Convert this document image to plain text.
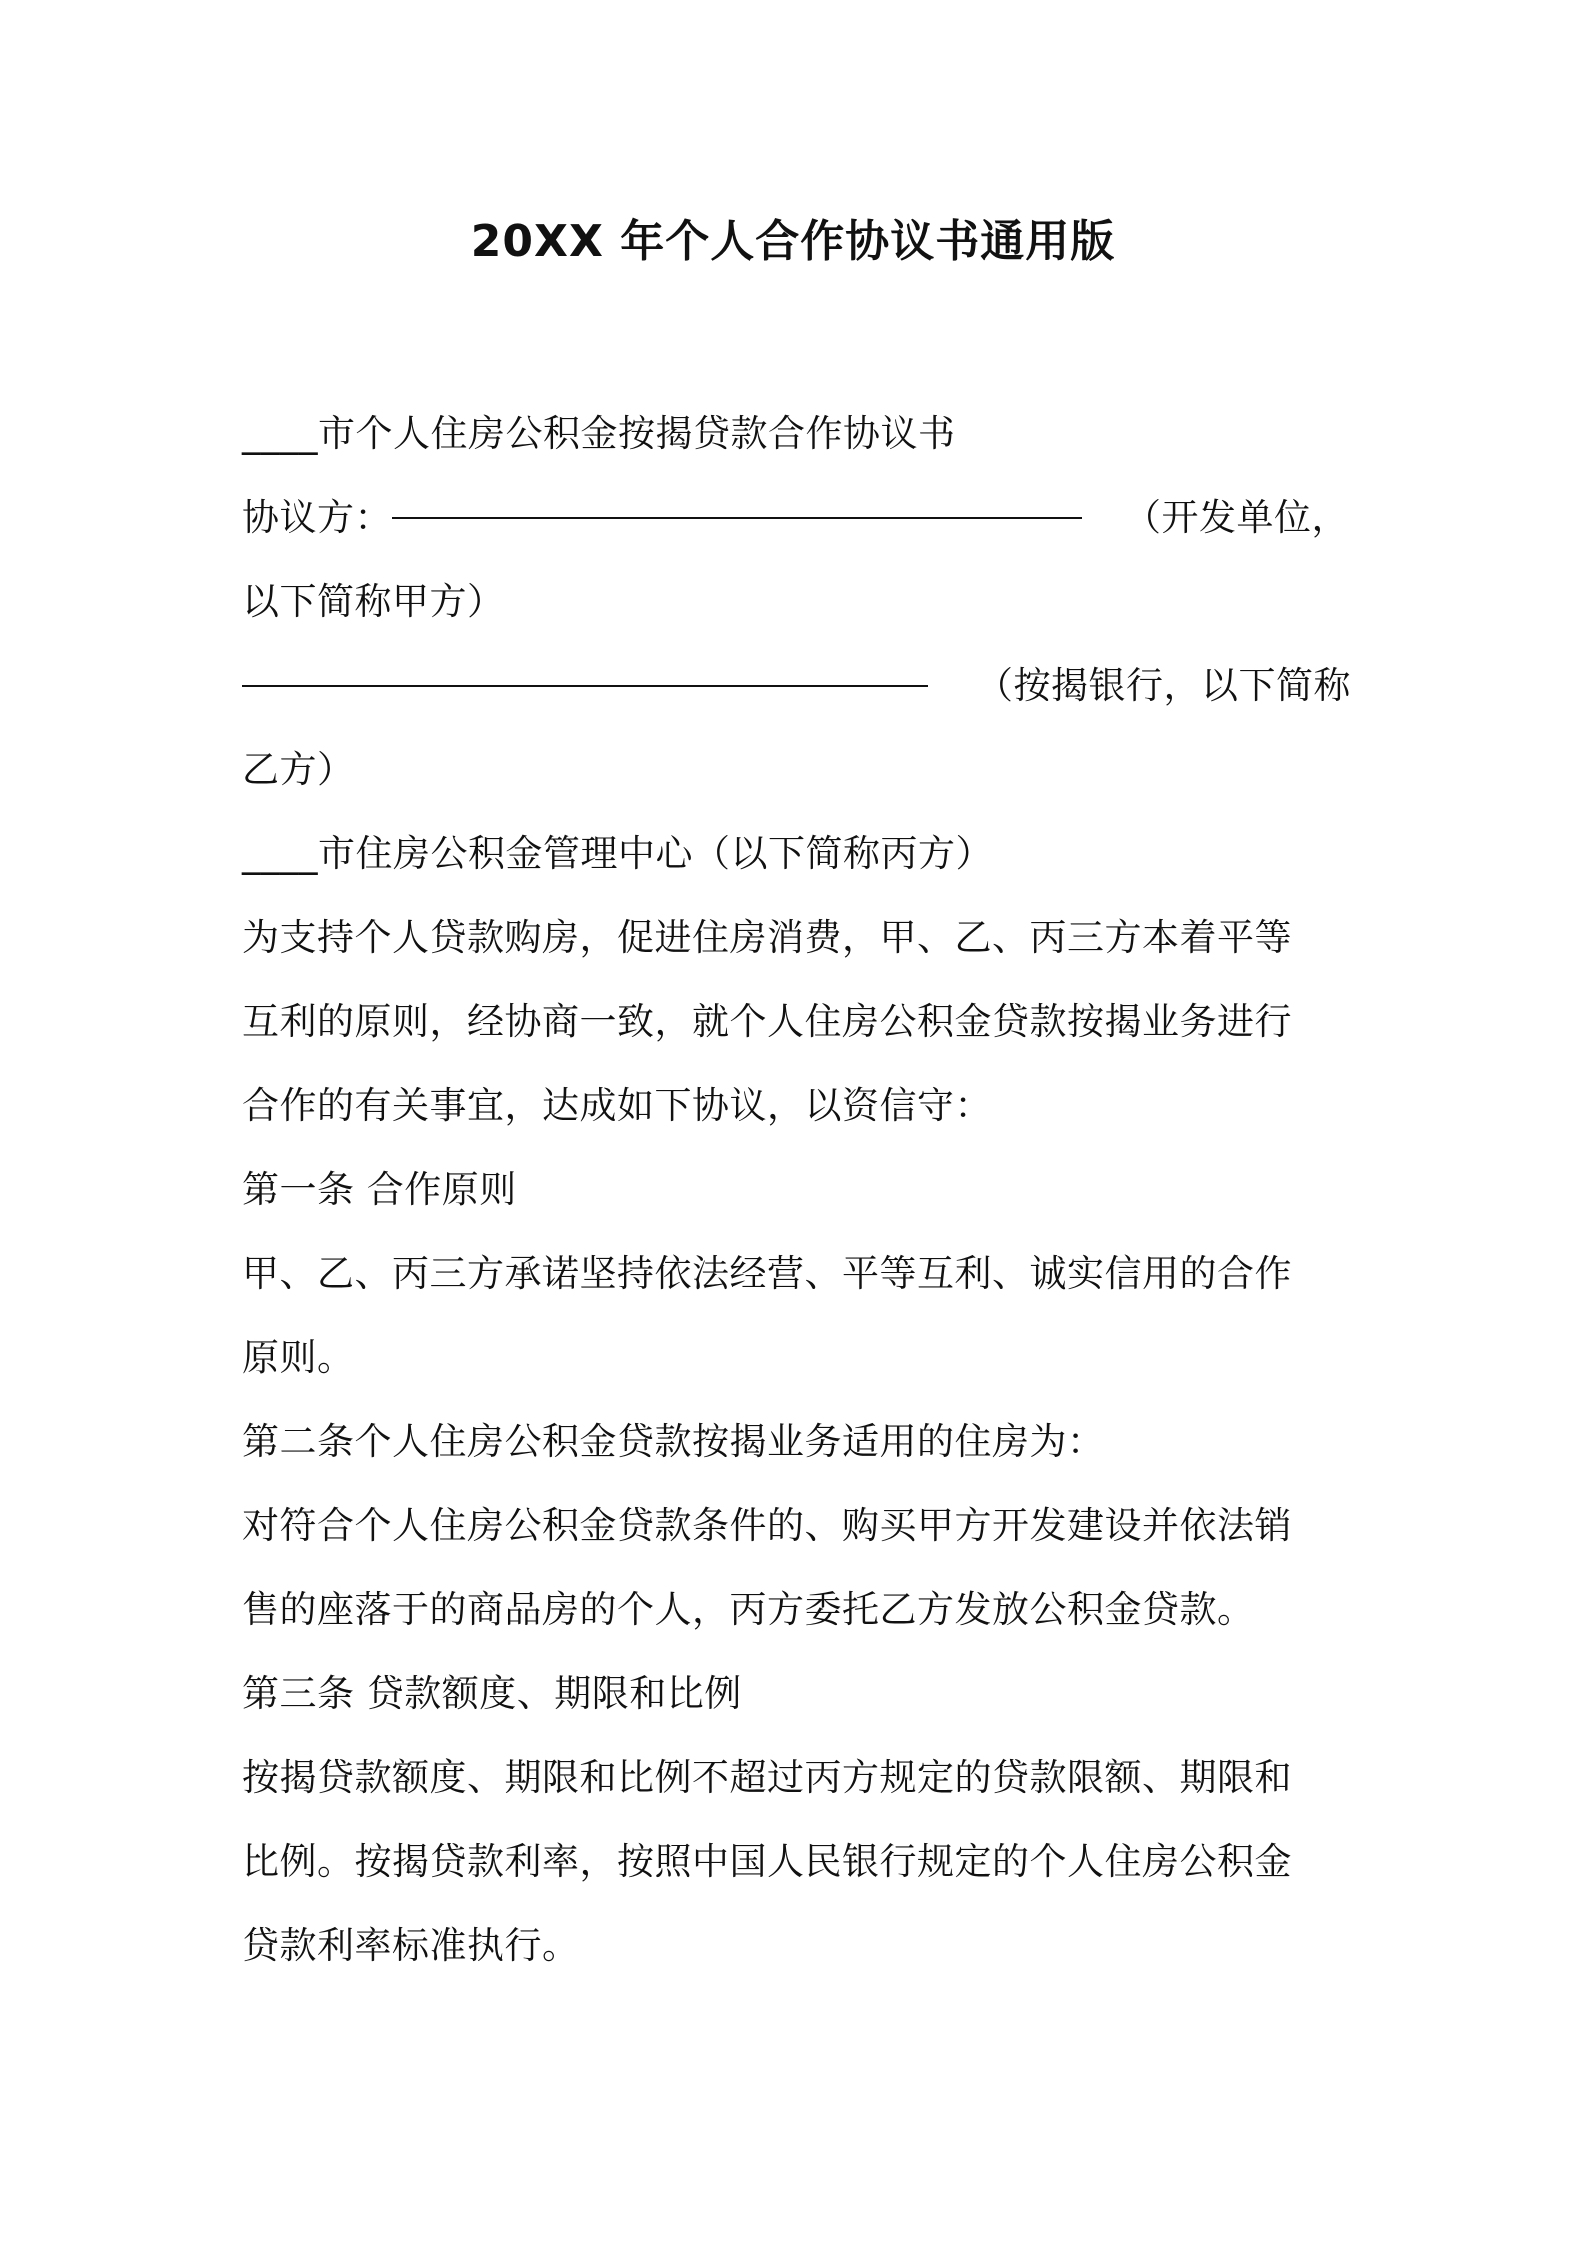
20XX 年个人合作协议书通用版
____市个人住房公积金按揭贷款合作协议书
协议方：	（开发单位，
以下简称甲方）
（按揭银行，以下简称
乙方）
____市住房公积金管理中心（以下简称丙方）
为支持个人贷款购房，促进住房消费，甲、乙、丙三方本着平等
互利的原则，经协商一致，就个人住房公积金贷款按揭业务进行
合作的有关事宜，达成如下协议，以资信守：
第一条 合作原则
甲、乙、丙三方承诺坚持依法经营、平等互利、诚实信用的合作
原则。
第二条个人住房公积金贷款按揭业务适用的住房为：
对符合个人住房公积金贷款条件的、购买甲方开发建设并依法销
售的座落于的商品房的个人，丙方委托乙方发放公积金贷款。
第三条 贷款额度、期限和比例
按揭贷款额度、期限和比例不超过丙方规定的贷款限额、期限和
比例。按揭贷款利率，按照中国人民银行规定的个人住房公积金
贷款利率标准执行。
